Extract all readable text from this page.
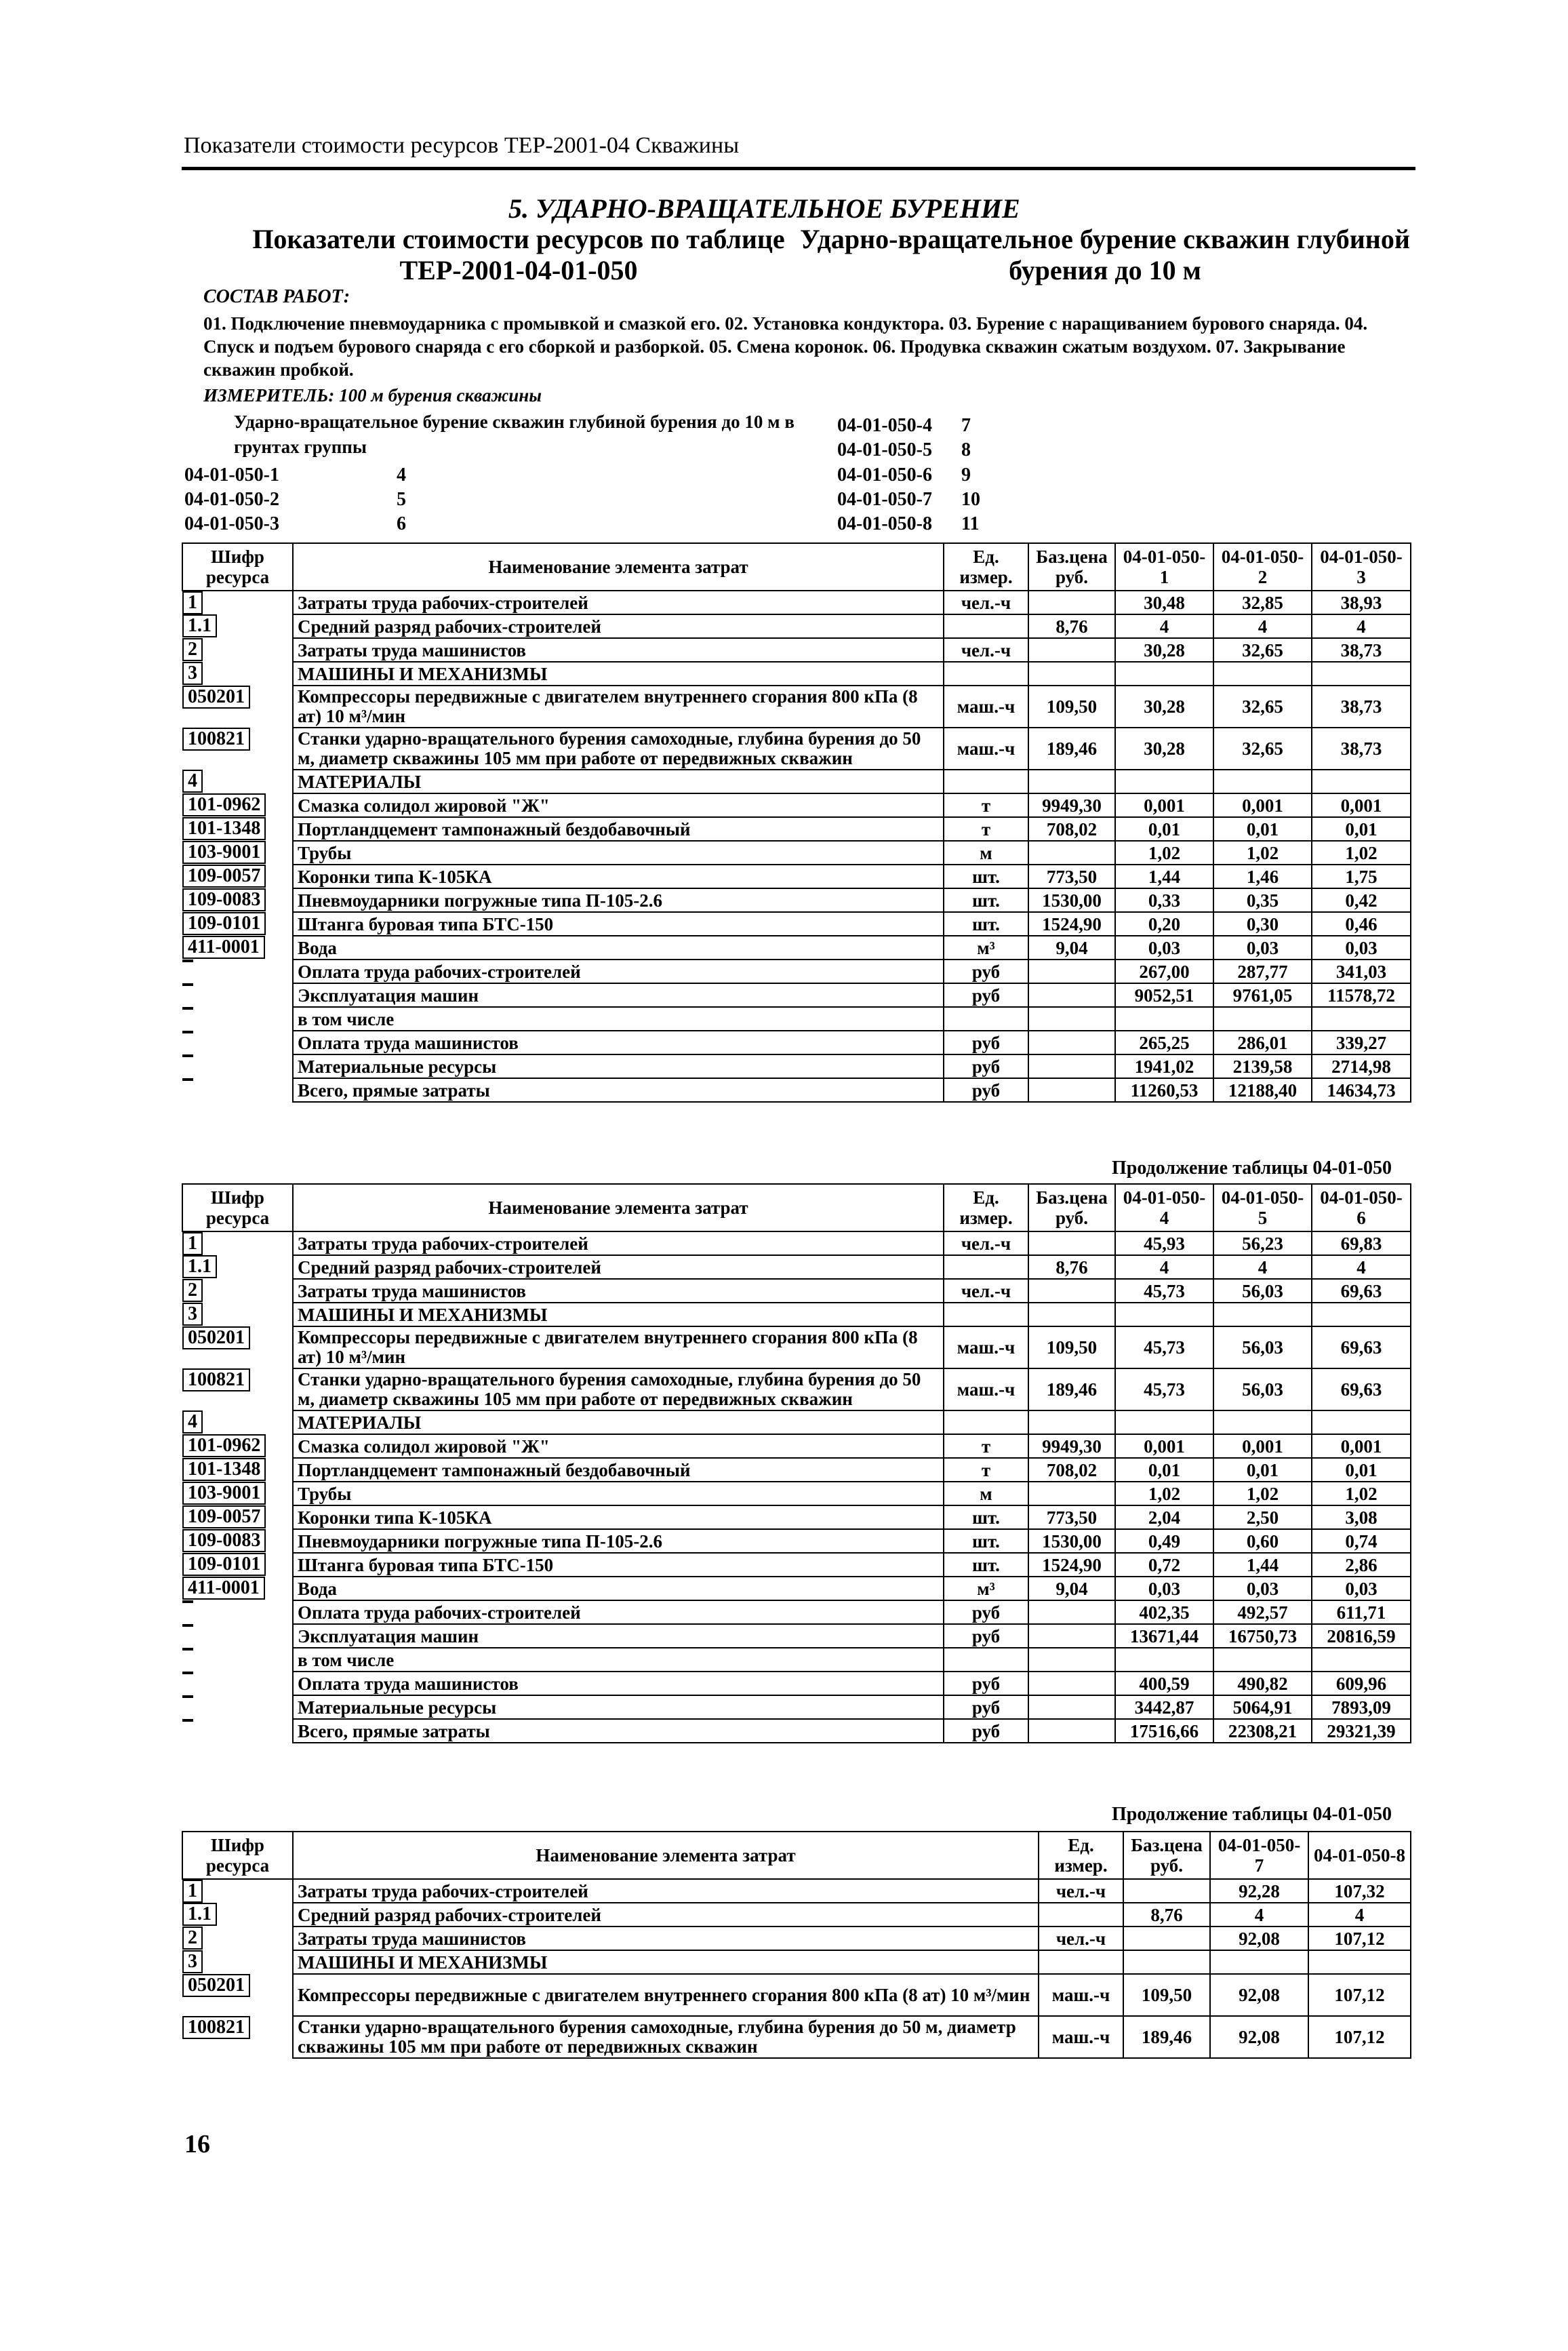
Показатели стоимости ресурсов ТЕР-2001-04 Скважины
5. УДАРНО-ВРАЩАТЕЛЬНОЕ БУРЕНИЕ
Показатели стоимости ресурсов по таблице ТЕР-2001-04-01-050
Ударно-вращательное бурение скважин глубиной бурения до 10 м
СОСТАВ РАБОТ:
01. Подключение пневмоударника с промывкой и смазкой его. 02. Установка кондуктора. 03. Бурение с наращиванием бурового снаряда. 04. Спуск и подъем бурового снаряда с его сборкой и разборкой. 05. Смена коронок. 06. Продувка скважин сжатым воздухом. 07. Закрывание скважин пробкой.
ИЗМЕРИТЕЛЬ: 100 м бурения скважины
Ударно-вращательное бурение скважин глубиной бурения до 10 м в грунтах группы
04-01-050-1	4
04-01-050-2	5
04-01-050-3	6
04-01-050-4 7
04-01-050-5 8
04-01-050-6 9
04-01-050-7 10
04-01-050-8 11
Шифр ресурса	Наименование элемента затрат	Ед. измер.	Баз.цена руб.	04-01-050-1	04-01-050-2	04-01-050-3

1	Затраты труда рабочих-строителей	чел.-ч		30,48	32,85	38,93

1.1	Средний разряд рабочих-строителей		8,76	4	4	4

2	Затраты труда машинистов	чел.-ч		30,28	32,65	38,73

3	МАШИНЫ И МЕХАНИЗМЫ					

050201	Компрессоры передвижные с двигателем внутреннего сгорания 800 кПа (8 ат) 10 м³/мин	маш.-ч	109,50	30,28	32,65	38,73

100821	Станки ударно-вращательного бурения самоходные, глубина бурения до 50 м, диаметр скважины 105 мм при работе от передвижных скважин	маш.-ч	189,46	30,28	32,65	38,73

4	МАТЕРИАЛЫ					

101-0962 Смазка солидол жировой "Ж"	т	9949,30	0,001	0,001	0,001

101-1348 Портландцемент тампонажный бездобавочный	т	708,02	0,01	0,01	0,01

103-9001 Трубы	м		1,02	1,02	1,02

109-0057 Коронки типа К-105КА	шт.	773,50	1,44	1,46	1,75

109-0083 Пневмоударники погружные типа П-105-2.6	шт.	1530,00	0,33	0,35	0,42

109-0101 Штанга буровая типа БТС-150	шт.	1524,90	0,20	0,30	0,46

411-0001 Вода	м³	9,04	0,03	0,03	0,03

Оплата труда рабочих-строителей	руб		267,00	287,77	341,03

Эксплуатация машин	руб		9052,51	9761,05	11578,72

в том числе					

Оплата труда машинистов	руб		265,25	286,01	339,27

Материальные ресурсы	руб		1941,02	2139,58	2714,98

Всего, прямые затраты	руб		11260,53	12188,40	14634,73
Продолжение таблицы 04-01-050
Шифр ресурса	Наименование элемента затрат	Ед. измер.	Баз.цена руб.	04-01-050-4	04-01-050-5	04-01-050-6

1	Затраты труда рабочих-строителей	чел.-ч		45,93	56,23	69,83

1.1	Средний разряд рабочих-строителей		8,76	4	4	4

2	Затраты труда машинистов	чел.-ч		45,73	56,03	69,63

3	МАШИНЫ И МЕХАНИЗМЫ					

050201	Компрессоры передвижные с двигателем внутреннего сгорания 800 кПа (8 ат) 10 м³/мин	маш.-ч	109,50	45,73	56,03	69,63

100821	Станки ударно-вращательного бурения самоходные, глубина бурения до 50 м, диаметр скважины 105 мм при работе от передвижных скважин	маш.-ч	189,46	45,73	56,03	69,63

4	МАТЕРИАЛЫ					

101-0962 Смазка солидол жировой "Ж"	т	9949,30	0,001	0,001	0,001

101-1348 Портландцемент тампонажный бездобавочный	т	708,02	0,01	0,01	0,01

103-9001 Трубы	м		1,02	1,02	1,02

109-0057 Коронки типа К-105КА	шт.	773,50	2,04	2,50	3,08

109-0083 Пневмоударники погружные типа П-105-2.6	шт.	1530,00	0,49	0,60	0,74

109-0101 Штанга буровая типа БТС-150	шт.	1524,90	0,72	1,44	2,86

411-0001 Вода	м³	9,04	0,03	0,03	0,03

Оплата труда рабочих-строителей	руб		402,35	492,57	611,71

Эксплуатация машин	руб		13671,44	16750,73	20816,59

в том числе					

Оплата труда машинистов	руб		400,59	490,82	609,96

Материальные ресурсы	руб		3442,87	5064,91	7893,09

Всего, прямые затраты	руб		17516,66	22308,21	29321,39
Продолжение таблицы 04-01-050
Шифр ресурса	Наименование элемента затрат	Ед. измер.	Баз.цена руб.	04-01-050-7	04-01-050-8

1	Затраты труда рабочих-строителей	чел.-ч		92,28	107,32

1.1	Средний разряд рабочих-строителей		8,76	4	4

2	Затраты труда машинистов	чел.-ч		92,08	107,12

3	МАШИНЫ И МЕХАНИЗМЫ				

050201	Компрессоры передвижные с двигателем внутреннего сгорания 800 кПа (8 ат) 10 м³/мин	маш.-ч	109,50	92,08	107,12

100821	Станки ударно-вращательного бурения самоходные, глубина бурения до 50 м, диаметр скважины 105 мм при работе от передвижных скважин	маш.-ч	189,46	92,08	107,12
16
